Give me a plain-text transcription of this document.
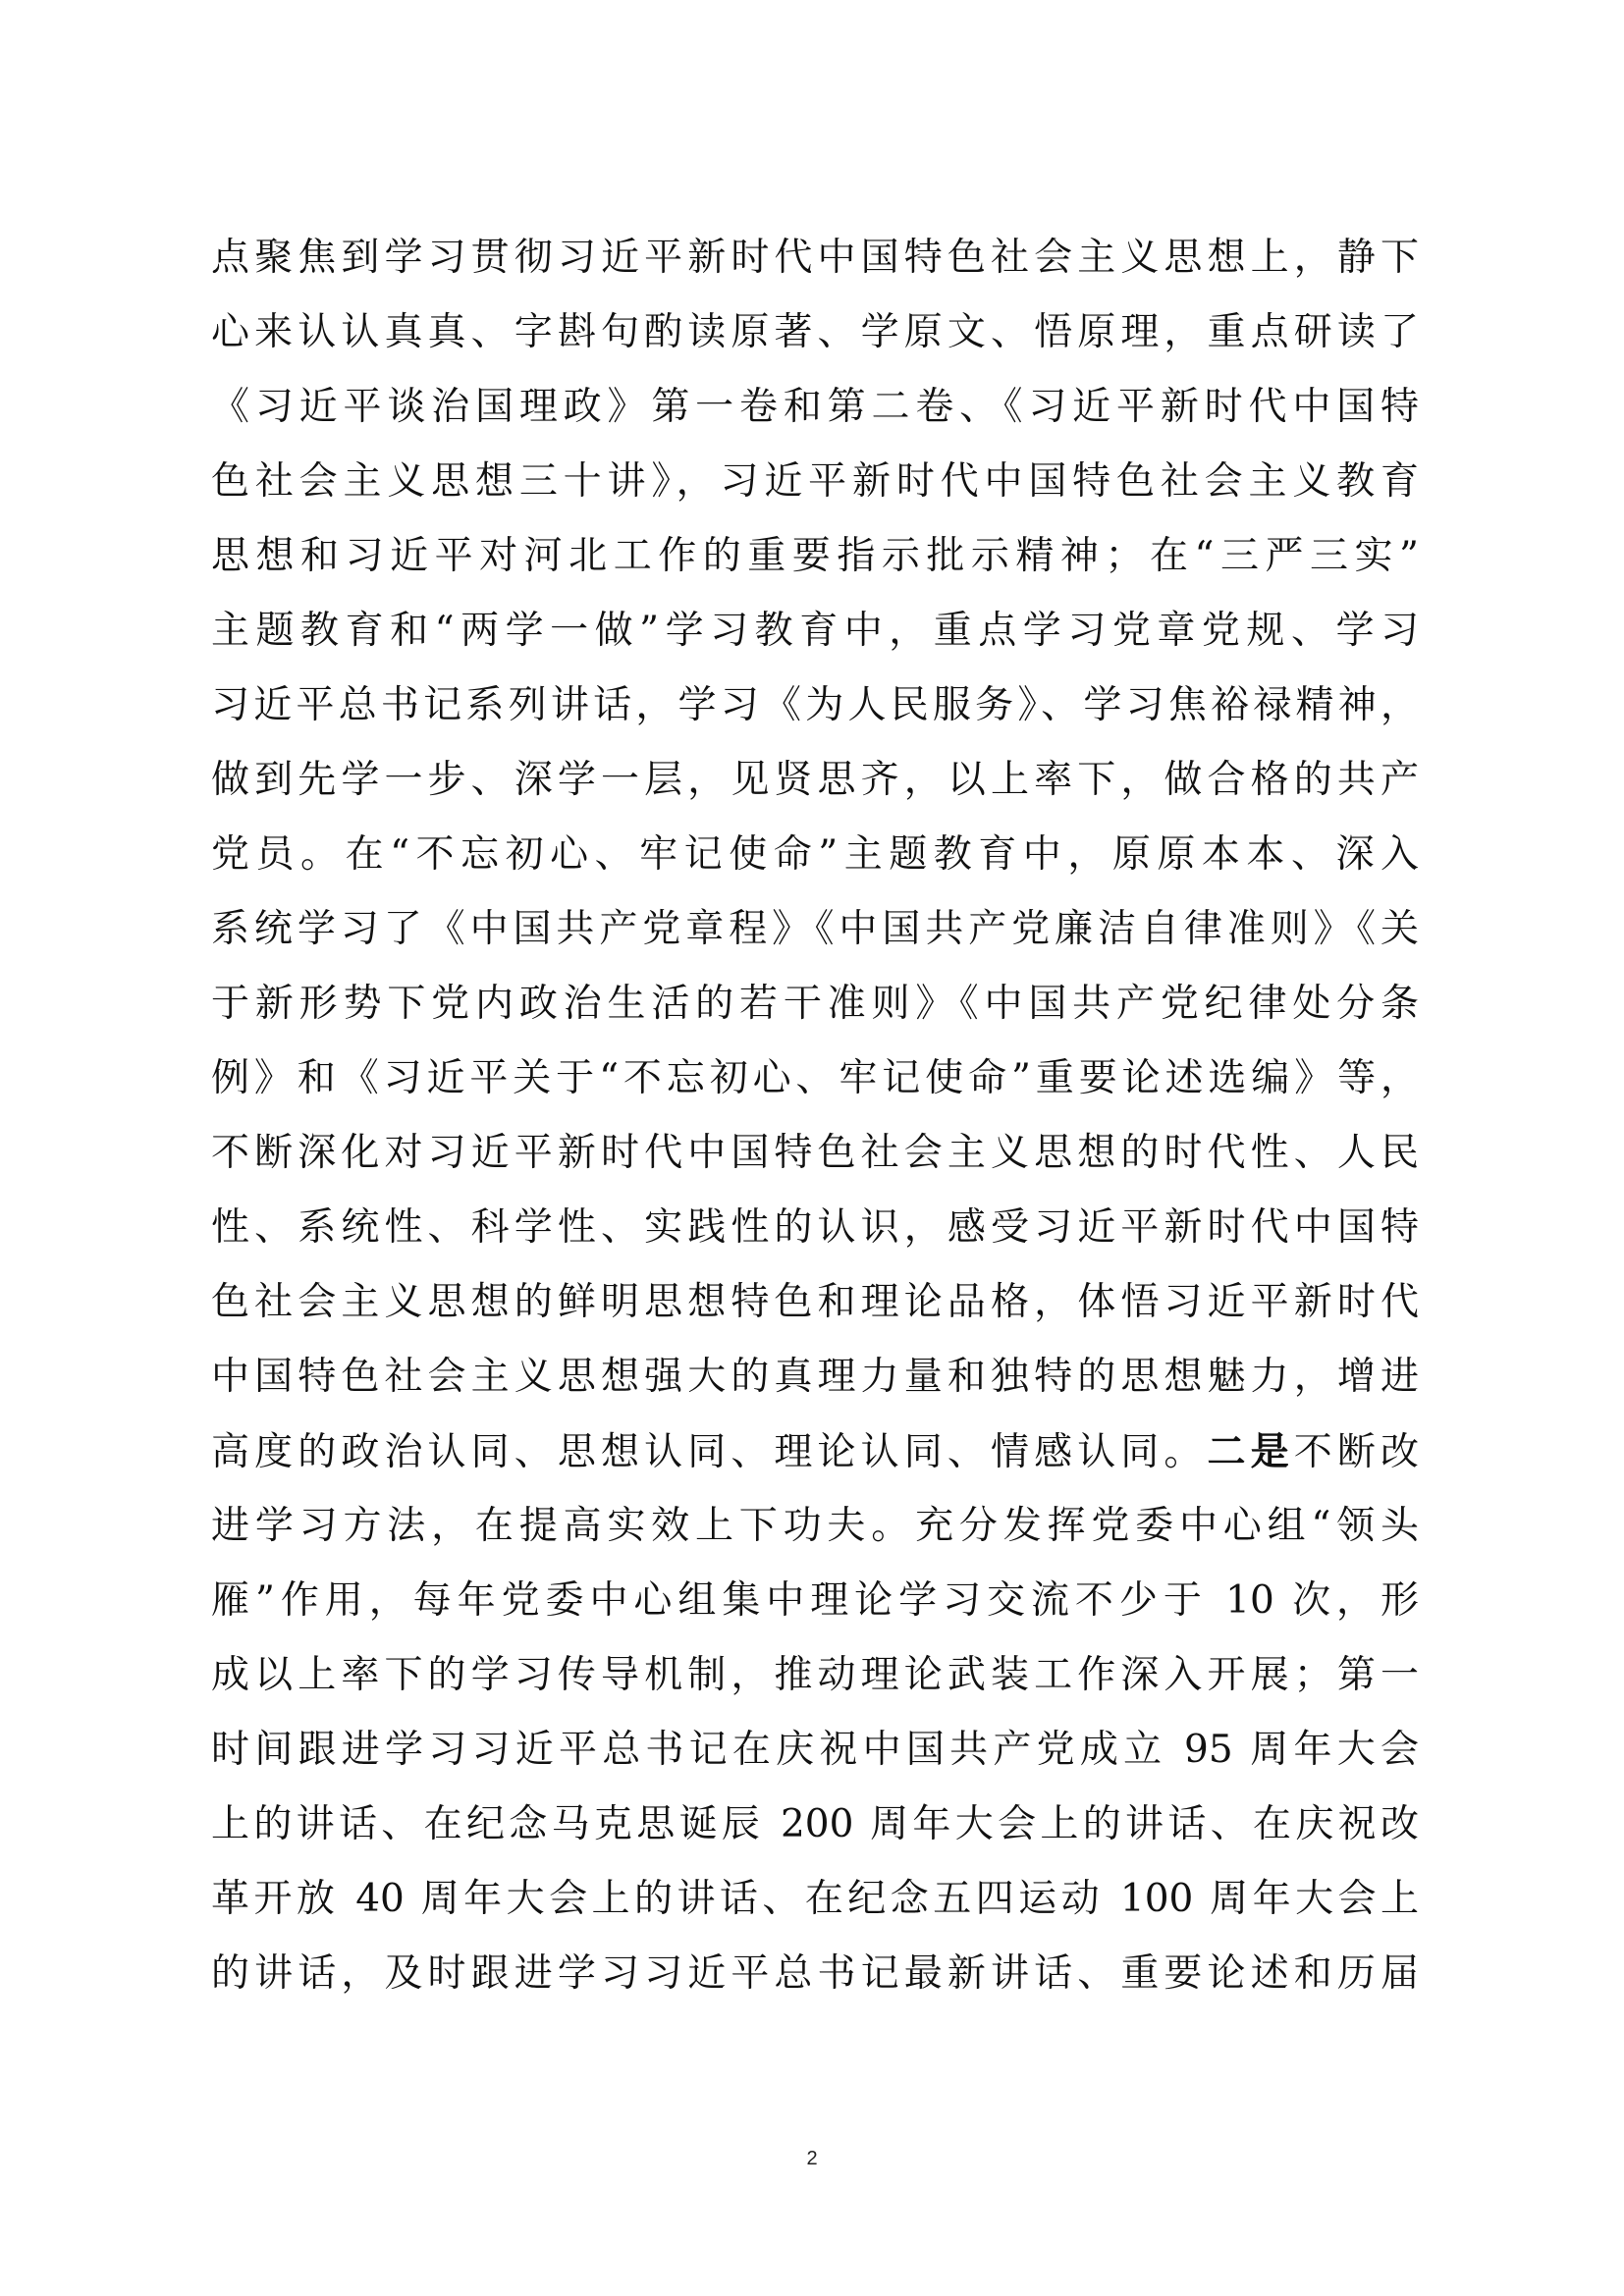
点聚焦到学习贯彻习近平新时代中国特色社会主义思想上，静下
心来认认真真、字斟句酌读原著、学原文、悟原理，重点研读了
《习近平谈治国理政》第一卷和第二卷、《习近平新时代中国特
色社会主义思想三十讲》，习近平新时代中国特色社会主义教育
思想和习近平对河北工作的重要指示批示精神；在“三严三实”
主题教育和“两学一做”学习教育中，重点学习党章党规、学习
习近平总书记系列讲话，学习《为人民服务》、学习焦裕禄精神，
做到先学一步、深学一层，见贤思齐，以上率下，做合格的共产
党员。在“不忘初心、牢记使命”主题教育中，原原本本、深入
系统学习了《中国共产党章程》《中国共产党廉洁自律准则》《关
于新形势下党内政治生活的若干准则》《中国共产党纪律处分条
例》和《习近平关于“不忘初心、牢记使命”重要论述选编》等，
不断深化对习近平新时代中国特色社会主义思想的时代性、人民
性、系统性、科学性、实践性的认识，感受习近平新时代中国特
色社会主义思想的鲜明思想特色和理论品格，体悟习近平新时代
中国特色社会主义思想强大的真理力量和独特的思想魅力，增进
高度的政治认同、思想认同、理论认同、情感认同。二是不断改
进学习方法，在提高实效上下功夫。充分发挥党委中心组“领头
雁”作用，每年党委中心组集中理论学习交流不少于 10 次，形
成以上率下的学习传导机制，推动理论武装工作深入开展；第一
时间跟进学习习近平总书记在庆祝中国共产党成立 95 周年大会
上的讲话、在纪念马克思诞辰 200 周年大会上的讲话、在庆祝改
革开放 40 周年大会上的讲话、在纪念五四运动 100 周年大会上
的讲话，及时跟进学习习近平总书记最新讲话、重要论述和历届
2
